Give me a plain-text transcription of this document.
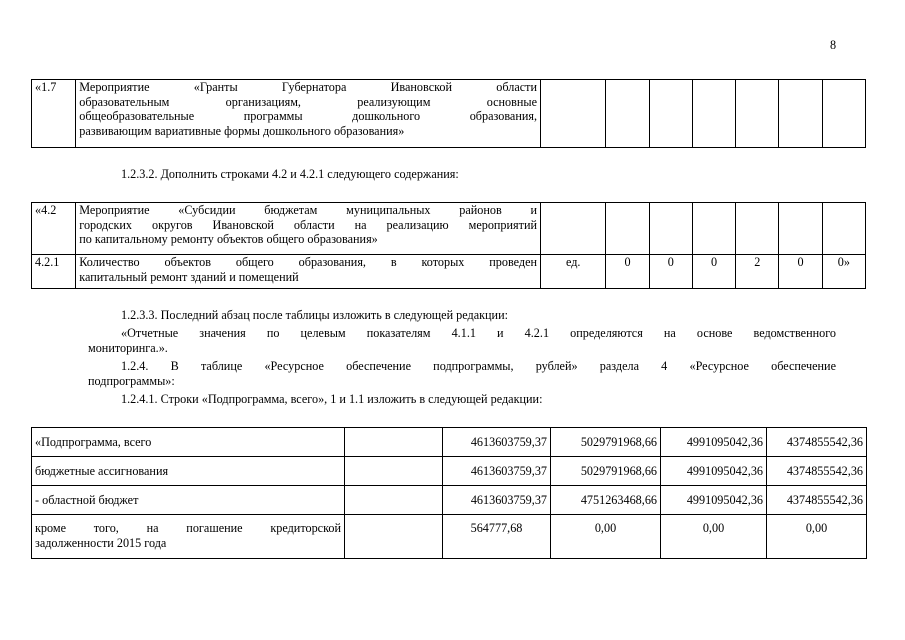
8
«1.7	Мероприятие «Гранты Губернатора Ивановской области
образовательным организациям, реализующим основные
общеобразовательные программы дошкольного образования,
развивающим вариативные формы дошкольного образования»

1.2.3.2. Дополнить строками 4.2 и 4.2.1 следующего содержания:
«4.2	Мероприятие «Субсидии бюджетам муниципальных районов и
городских округов Ивановской области на реализацию мероприятий
по капитальному ремонту объектов общего образования»							

4.2.1	Количество объектов общего образования, в которых проведен
капитальный ремонт зданий и помещений	ед.	0	0	0	2	0	0»

1.2.3.3. Последний абзац после таблицы изложить в следующей редакции:

«Отчетные значения по целевым показателям 4.1.1 и 4.2.1 определяются на основе ведомственного

мониторинга.».

1.2.4. В таблице «Ресурсное обеспечение подпрограммы, рублей» раздела 4 «Ресурсное обеспечение

подпрограммы»:

1.2.4.1. Строки «Подпрограмма, всего», 1 и 1.1 изложить в следующей редакции:

«Подпрограмма, всего		4613603759,37	5029791968,66	4991095042,36	4374855542,36
бюджетные ассигнования		4613603759,37	5029791968,66	4991095042,36	4374855542,36
- областной бюджет		4613603759,37	4751263468,66	4991095042,36	4374855542,36

кроме того, на погашение кредиторской
задолженности 2015 года		564777,68	0,00	0,00	0,00
